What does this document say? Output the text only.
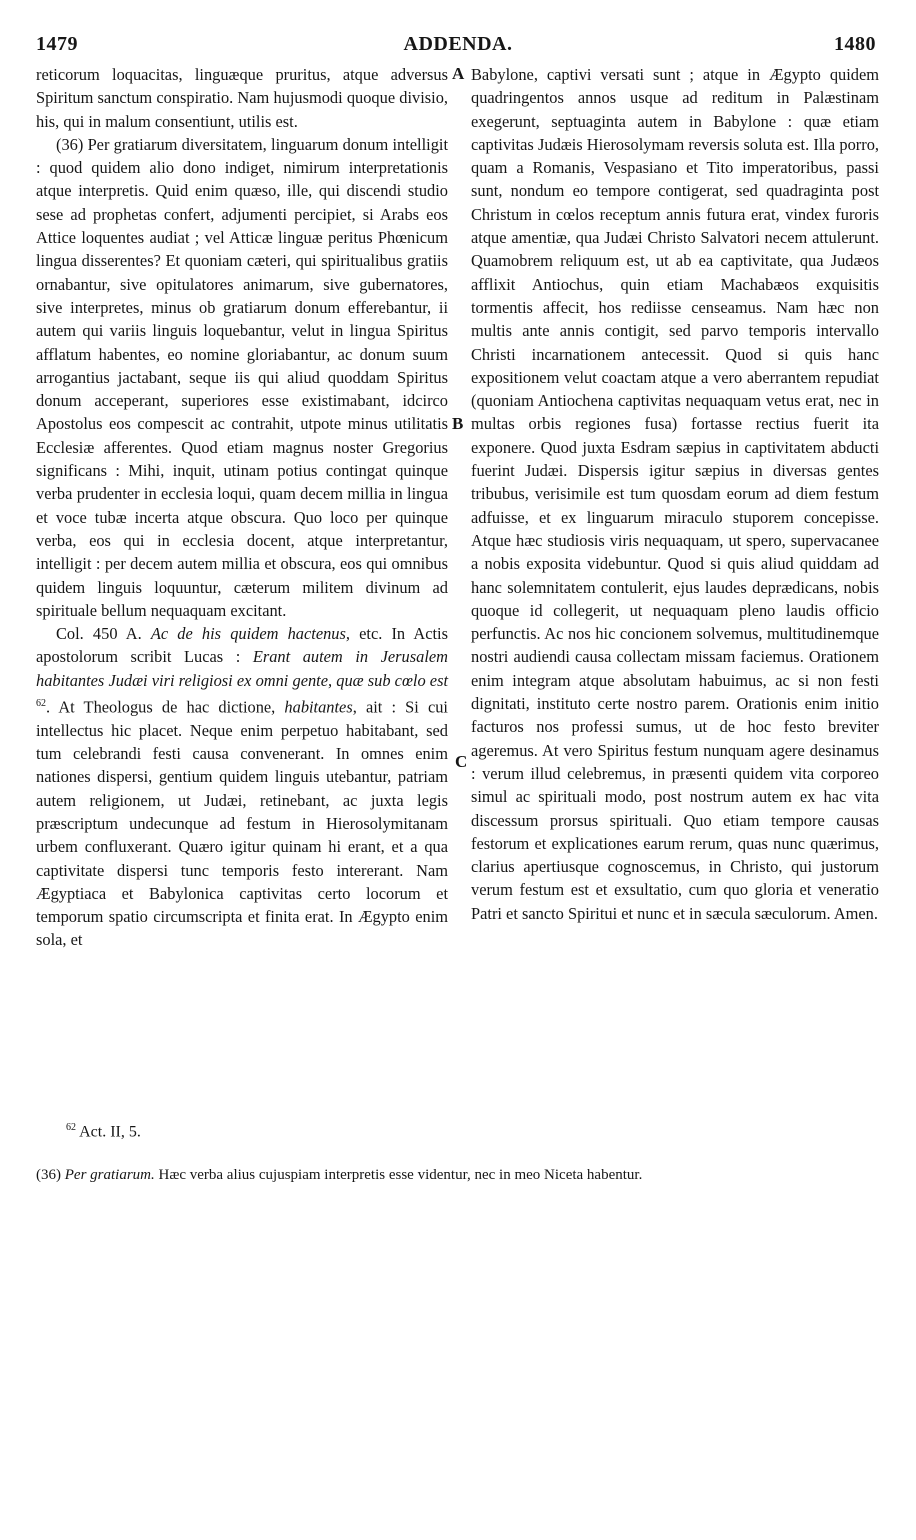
1479	ADDENDA.	1480
A
B
C

reticorum loquacitas, linguæque pruritus, atque adversus Spiritum sanctum conspiratio. Nam hujusmodi quoque divisio, his, qui in malum consentiunt, utilis est.

(36) Per gratiarum diversitatem, linguarum donum intelligit : quod quidem alio dono indiget, nimirum interpretationis atque interpretis. Quid enim quæso, ille, qui discendi studio sese ad prophetas confert, adjumenti percipiet, si Arabs eos Attice loquentes audiat ; vel Atticæ linguæ peritus Phœnicum lingua disserentes? Et quoniam cæteri, qui spiritualibus gratiis ornabantur, sive opitulatores animarum, sive gubernatores, sive interpretes, minus ob gratiarum donum efferebantur, ii autem qui variis linguis loquebantur, velut in lingua Spiritus afflatum habentes, eo nomine gloriabantur, ac donum suum arrogantius jactabant, seque iis qui aliud quoddam Spiritus donum acceperant, superiores esse existimabant, idcirco Apostolus eos compescit ac contrahit, utpote minus utilitatis Ecclesiæ afferentes. Quod etiam magnus noster Gregorius significans : Mihi, inquit, utinam potius contingat quinque verba prudenter in ecclesia loqui, quam decem millia in lingua et voce tubæ incerta atque obscura. Quo loco per quinque verba, eos qui in ecclesia docent, atque interpretantur, intelligit : per decem autem millia et obscura, eos qui omnibus quidem linguis loquuntur, cæterum militem divinum ad spirituale bellum nequaquam excitant.

Col. 450 A. Ac de his quidem hactenus, etc. In Actis apostolorum scribit Lucas : Erant autem in Jerusalem habitantes Judæi viri religiosi ex omni gente, quæ sub cœlo est $^{62}$. At Theologus de hac dictione, habitantes, ait : Si cui intellectus hic placet. Neque enim perpetuo habitabant, sed tum celebrandi festi causa convenerant. In omnes enim nationes dispersi, gentium quidem linguis utebantur, patriam autem religionem, ut Judæi, retinebant, ac juxta legis præscriptum undecunque ad festum in Hierosolymitanam urbem confluxerant. Quæro igitur quinam hi erant, et a qua captivitate dispersi tunc temporis festo intererant. Nam Ægyptiaca et Babylonica captivitas certo locorum et temporum spatio circumscripta et finita erat. In Ægypto enim sola, et

Babylone, captivi versati sunt ; atque in Ægypto quidem quadringentos annos usque ad reditum in Palæstinam exegerunt, septuaginta autem in Babylone : quæ etiam captivitas Judæis Hierosolymam reversis soluta est. Illa porro, quam a Romanis, Vespasiano et Tito imperatoribus, passi sunt, nondum eo tempore contigerat, sed quadraginta post Christum in cœlos receptum annis futura erat, vindex furoris atque amentiæ, qua Judæi Christo Salvatori necem attulerunt. Quamobrem reliquum est, ut ab ea captivitate, qua Judæos afflixit Antiochus, quin etiam Machabæos exquisitis tormentis affecit, hos rediisse censeamus. Nam hæc non multis ante annis contigit, sed parvo temporis intervallo Christi incarnationem antecessit. Quod si quis hanc expositionem velut coactam atque a vero aberrantem repudiat (quoniam Antiochena captivitas nequaquam vetus erat, nec in multas orbis regiones fusa) fortasse rectius fuerit ita exponere. Quod juxta Esdram sæpius in captivitatem abducti fuerint Judæi. Dispersis igitur sæpius in diversas gentes tribubus, verisimile est tum quosdam eorum ad diem festum adfuisse, et ex linguarum miraculo stuporem concepisse. Atque hæc studiosis viris nequaquam, ut spero, supervacanee a nobis exposita videbuntur. Quod si quis aliud quiddam ad hanc solemnitatem contulerit, ejus laudes deprædicans, nobis quoque id collegerit, ut nequaquam pleno laudis officio perfunctis. Ac nos hic concionem solvemus, multitudinemque nostri audiendi causa collectam missam faciemus. Orationem enim integram atque absolutam habuimus, ac si non festi dignitati, instituto certe nostro parem. Orationis enim initio facturos nos professi sumus, ut de hoc festo breviter ageremus. At vero Spiritus festum nunquam agere desinamus : verum illud celebremus, in præsenti quidem vita corporeo simul ac spirituali modo, post nostrum autem ex hac vita discessum prorsus spirituali. Quo etiam tempore causas festorum et explicationes earum rerum, quas nunc quærimus, clarius apertiusque cognoscemus, in Christo, qui justorum verum festum est et exsultatio, cum quo gloria et veneratio Patri et sancto Spiritui et nunc et in sæcula sæculorum. Amen.

$^{62}$ Act. II, 5.
(36) Per gratiarum. Hæc verba alius cujuspiam interpretis esse videntur, nec in meo Niceta habentur.
